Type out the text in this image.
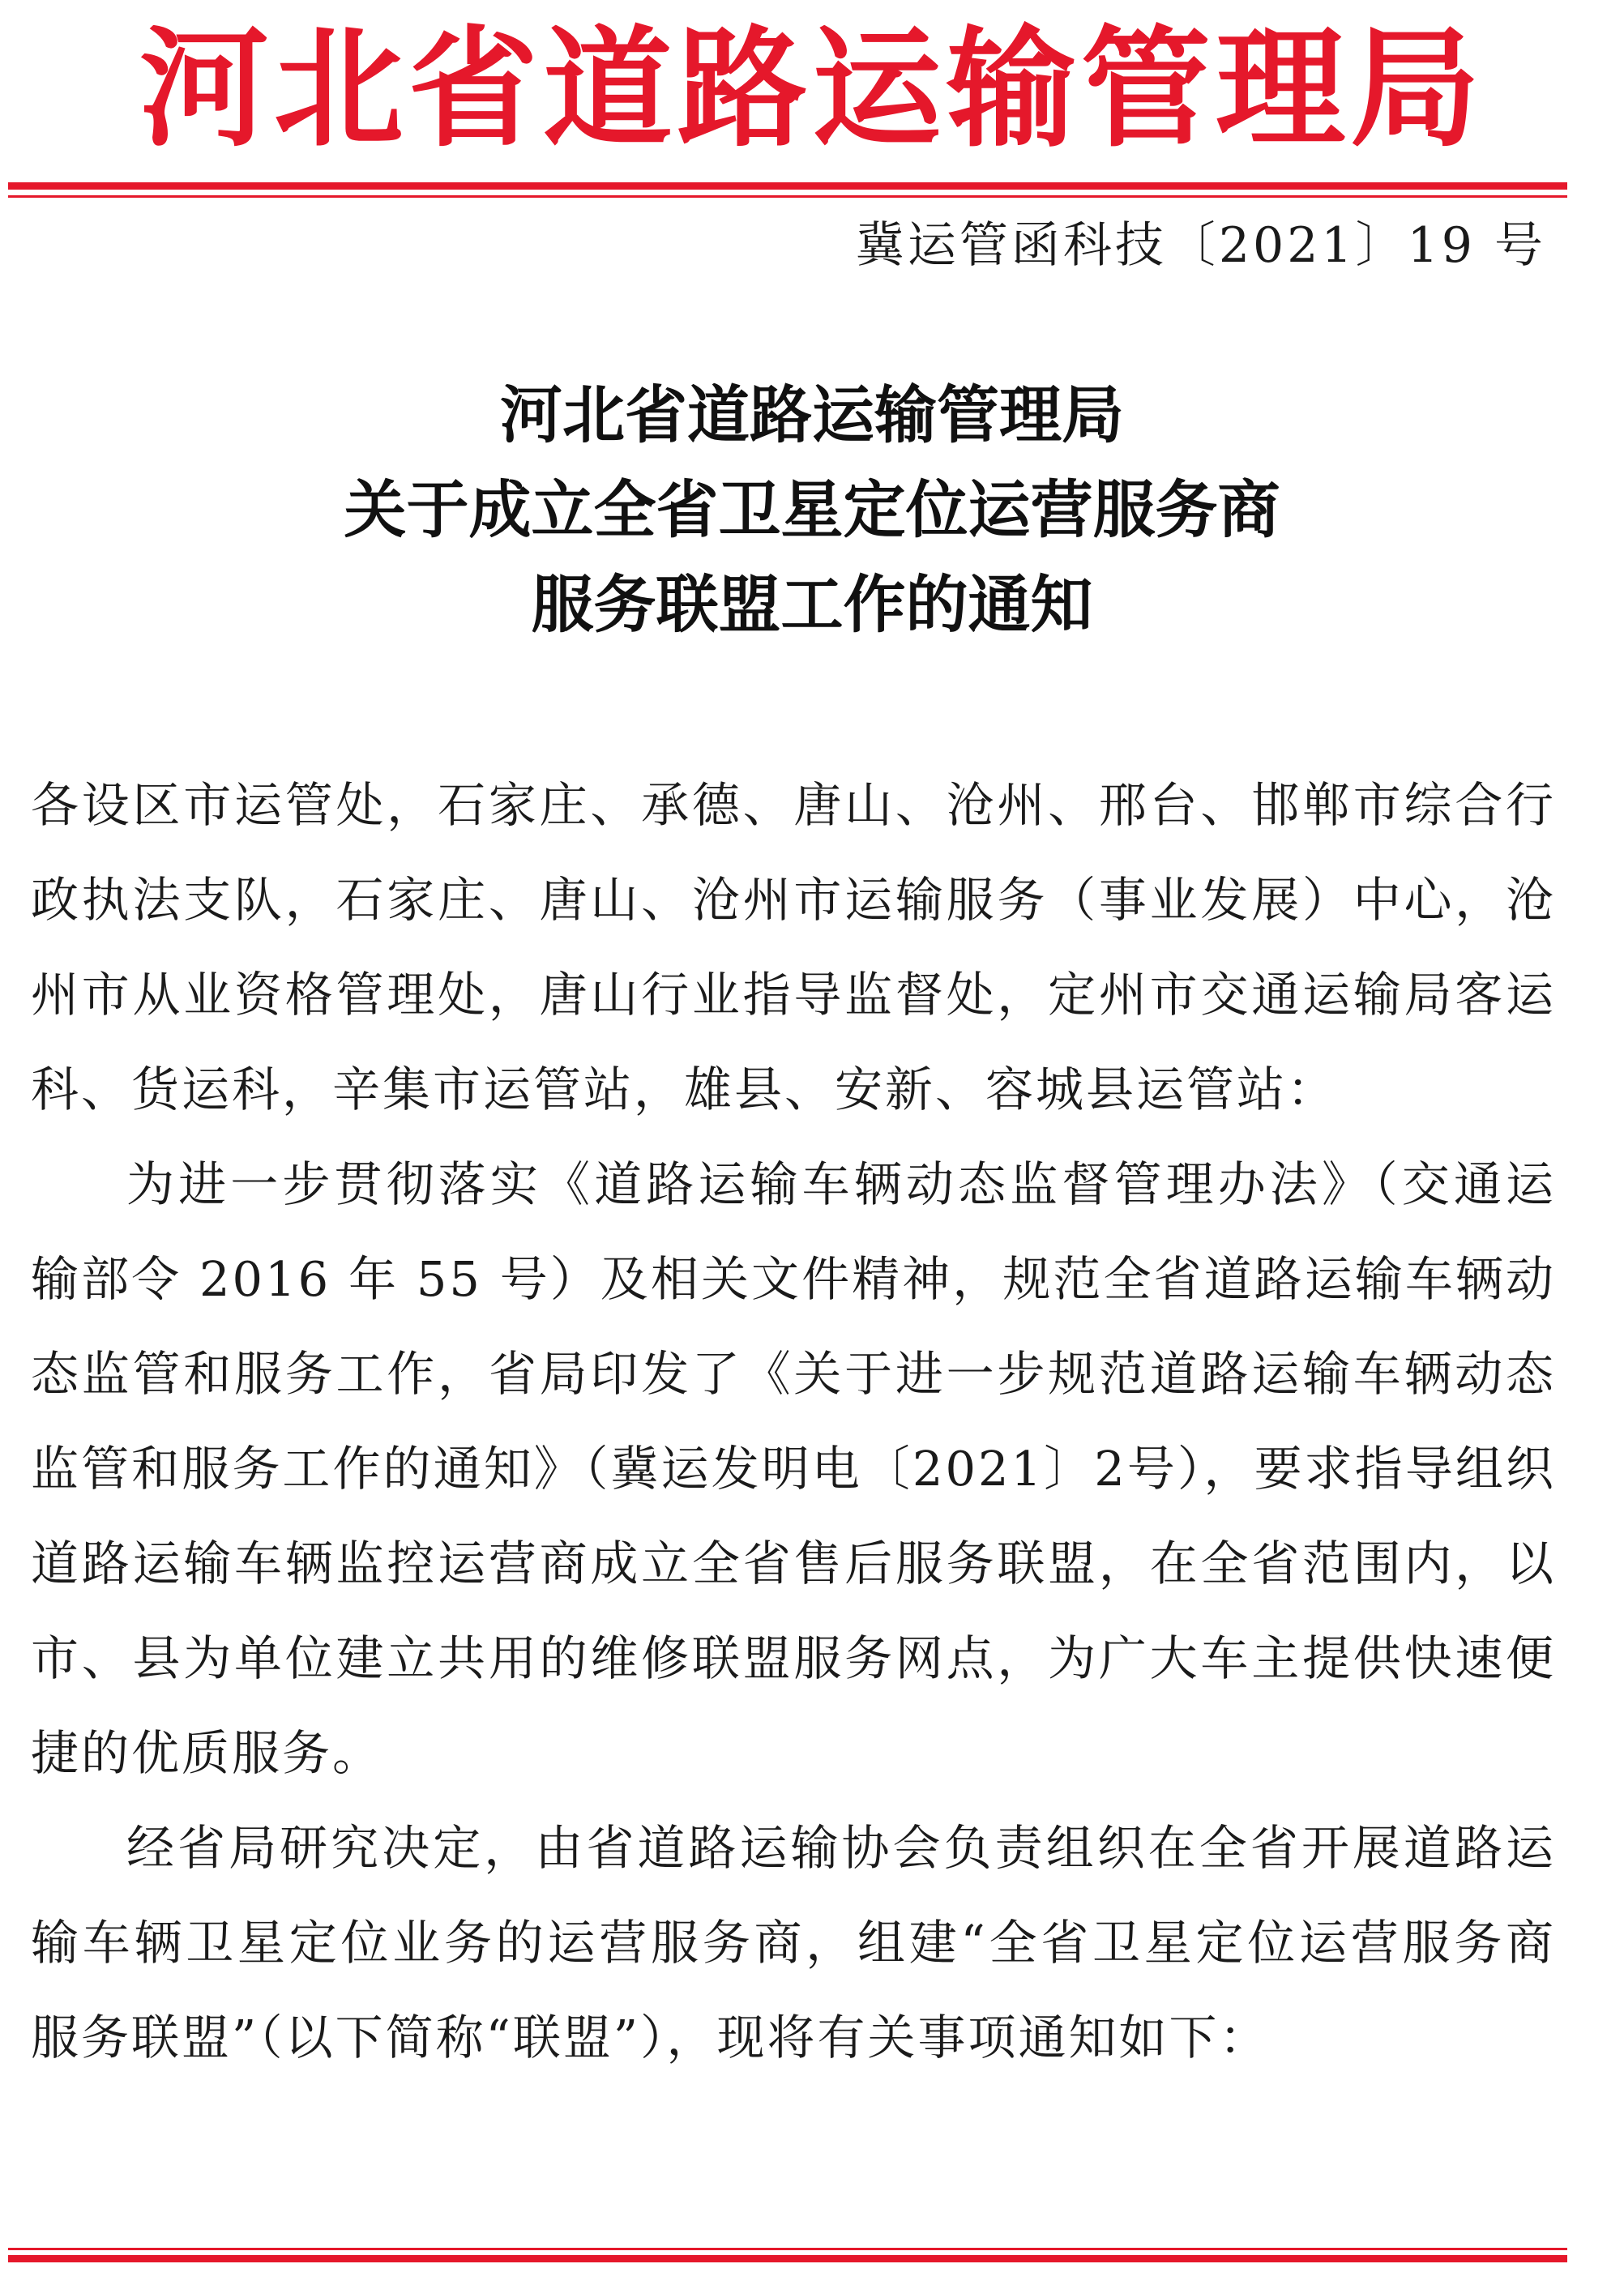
河北省道路运输管理局
冀运管函科技〔2021〕19 号
河北省道路运输管理局
关于成立全省卫星定位运营服务商
服务联盟工作的通知

各设区市运管处，石家庄、承德、唐山、沧州、邢台、邯郸市综合行政执法支队，石家庄、唐山、沧州市运输服务（事业发展）中心，沧州市从业资格管理处，唐山行业指导监督处，定州市交通运输局客运科、货运科，辛集市运管站，雄县、安新、容城县运管站：

为进一步贯彻落实《道路运输车辆动态监督管理办法》（交通运输部令 2016 年 55 号）及相关文件精神，规范全省道路运输车辆动态监管和服务工作，省局印发了《关于进一步规范道路运输车辆动态监管和服务工作的通知》（冀运发明电〔2021〕2号），要求指导组织道路运输车辆监控运营商成立全省售后服务联盟，在全省范围内，以市、县为单位建立共用的维修联盟服务网点，为广大车主提供快速便捷的优质服务。

经省局研究决定，由省道路运输协会负责组织在全省开展道路运输车辆卫星定位业务的运营服务商，组建“全省卫星定位运营服务商服务联盟”（以下简称“联盟”），现将有关事项通知如下：
